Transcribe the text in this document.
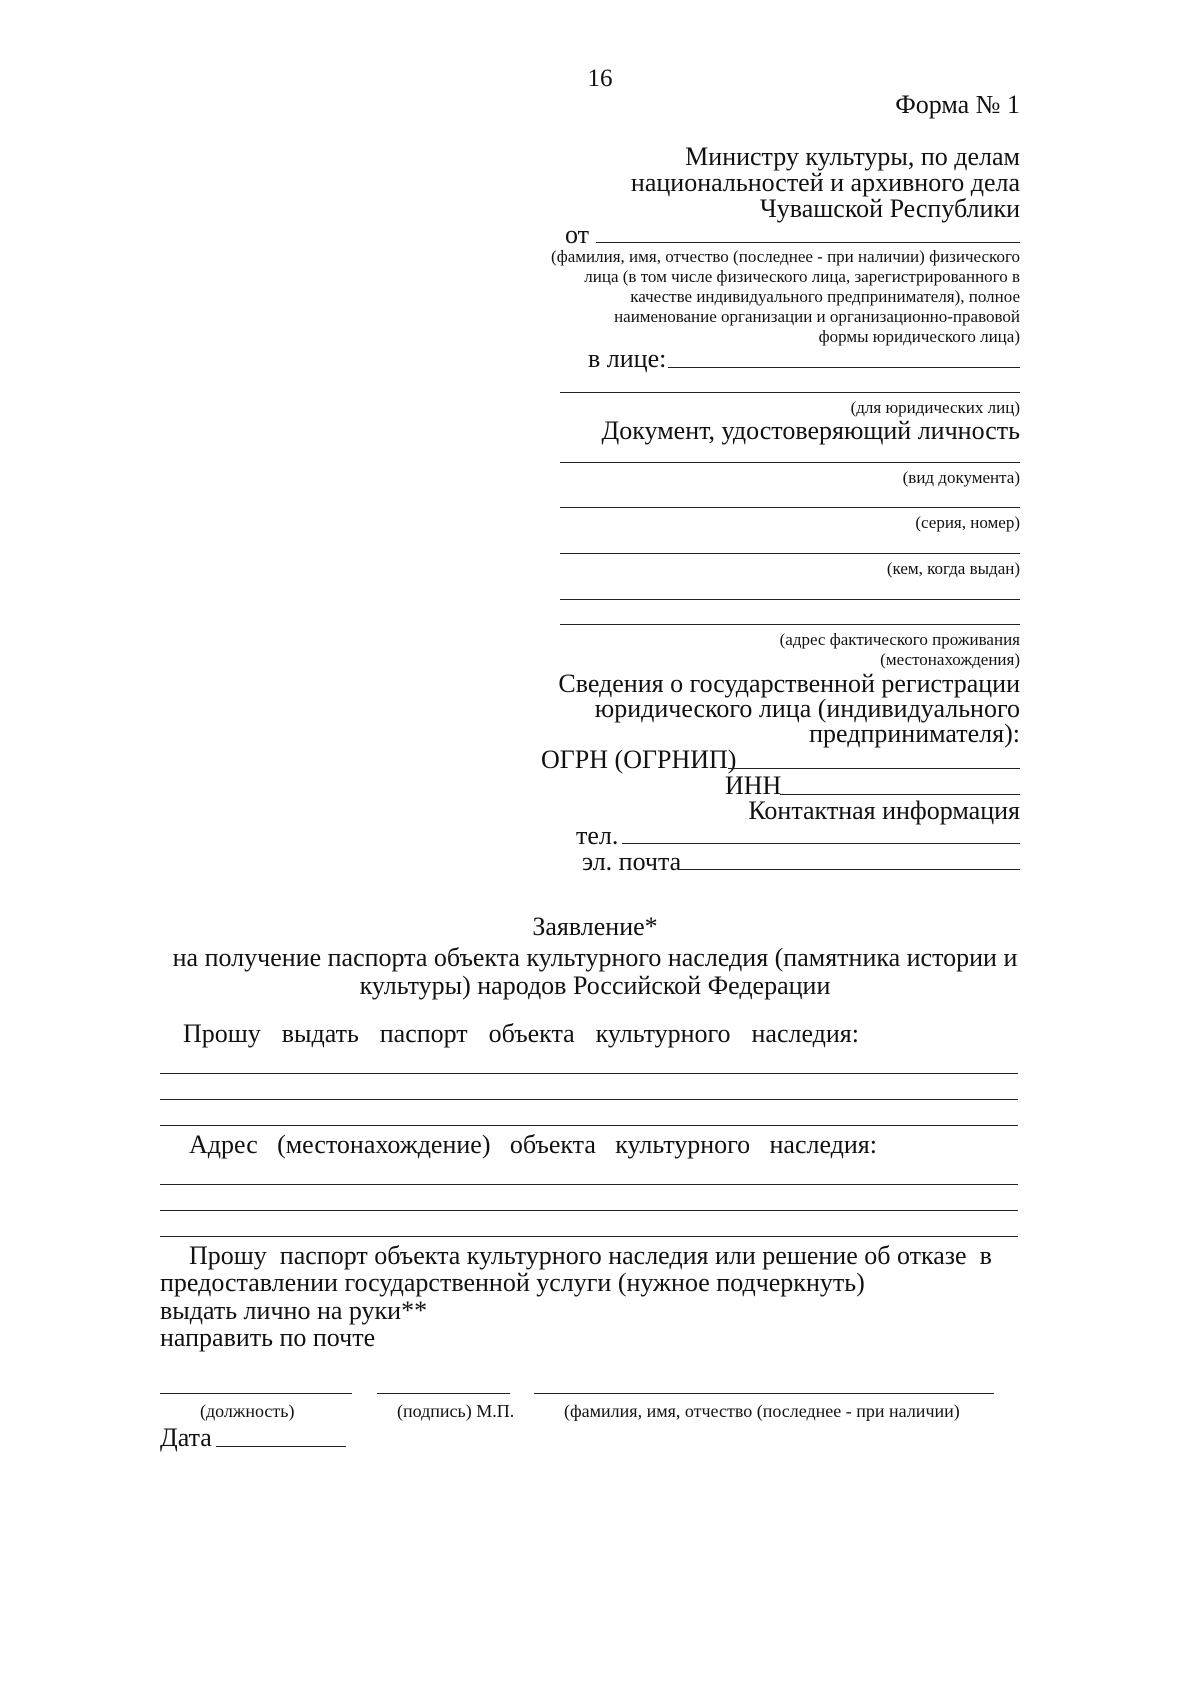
16
Форма № 1
Министру культуры, по делам
национальностей и архивного дела
Чувашской Республики
от
(фамилия, имя, отчество (последнее - при наличии) физического
лица (в том числе физического лица, зарегистрированного в
качестве индивидуального предпринимателя), полное
наименование организации и организационно-правовой
формы юридического лица)
в лице:
(для юридических лиц)
Документ, удостоверяющий личность
(вид документа)
(серия, номер)
(кем, когда выдан)
(адрес фактического проживания
(местонахождения)
Сведения о государственной регистрации
юридического лица (индивидуального
предпринимателя):
ОГРН (ОГРНИП)
ИНН
Контактная информация
тел.
эл. почта
Заявление*
на получение паспорта объекта культурного наследия (памятника истории и
культуры) народов Российской Федерации
Прошу выдать паспорт объекта культурного наследия:
Адрес (местонахождение) объекта культурного наследия:
Прошу  паспорт объекта культурного наследия или решение об отказе  в
предоставлении государственной услуги (нужное подчеркнуть)
выдать лично на руки**
направить по почте
(должность)	(подпись) М.П.	(фамилия, имя, отчество (последнее - при наличии)
Дата
